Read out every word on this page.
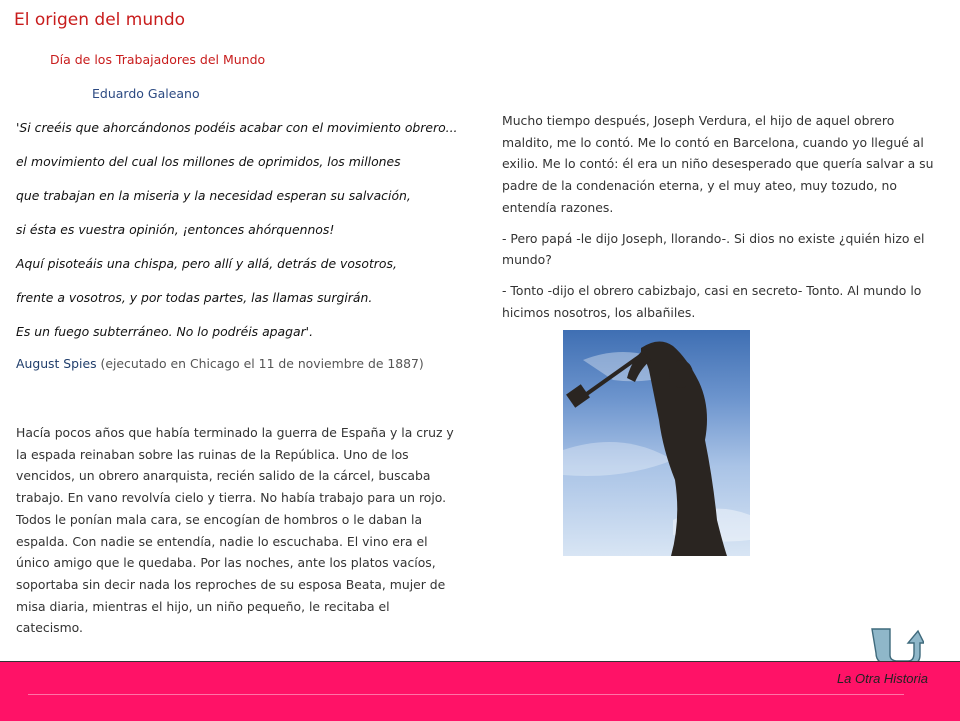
El origen del mundo
Día de los Trabajadores del Mundo
Eduardo Galeano

'Si creéis que ahorcándonos podéis acabar con el movimiento obrero...

el movimiento del cual los millones de oprimidos, los millones

que trabajan en la miseria y la necesidad esperan su salvación,

si ésta es vuestra opinión, ¡entonces ahórquennos!

Aquí pisoteáis una chispa, pero allí y allá, detrás de vosotros,

frente a vosotros, y por todas partes, las llamas surgirán.

Es un fuego subterráneo. No lo podréis apagar'.

August Spies (ejecutado en Chicago el 11 de noviembre de 1887)

Hacía pocos años que había terminado la guerra de España y la cruz y la espada reinaban sobre las ruinas de la República. Uno de los vencidos, un obrero anarquista, recién salido de la cárcel, buscaba trabajo. En vano revolvía cielo y tierra. No había trabajo para un rojo. Todos le ponían mala cara, se encogían de hombros o le daban la espalda. Con nadie se entendía, nadie lo escuchaba. El vino era el único amigo que le quedaba. Por las noches, ante los platos vacíos, soportaba sin decir nada los reproches de su esposa Beata, mujer de misa diaria, mientras el hijo, un niño pequeño, le recitaba el catecismo.

Mucho tiempo después, Joseph Verdura, el hijo de aquel obrero maldito, me lo contó. Me lo contó en Barcelona, cuando yo llegué al exilio. Me lo contó: él era un niño desesperado que quería salvar a su padre de la condenación eterna, y el muy ateo, muy tozudo, no entendía razones.

- Pero papá -le dijo Joseph, llorando-. Si dios no existe ¿quién hizo el mundo?

- Tonto -dijo el obrero cabizbajo, casi en secreto- Tonto. Al mundo lo hicimos nosotros, los albañiles.

La Otra Historia
